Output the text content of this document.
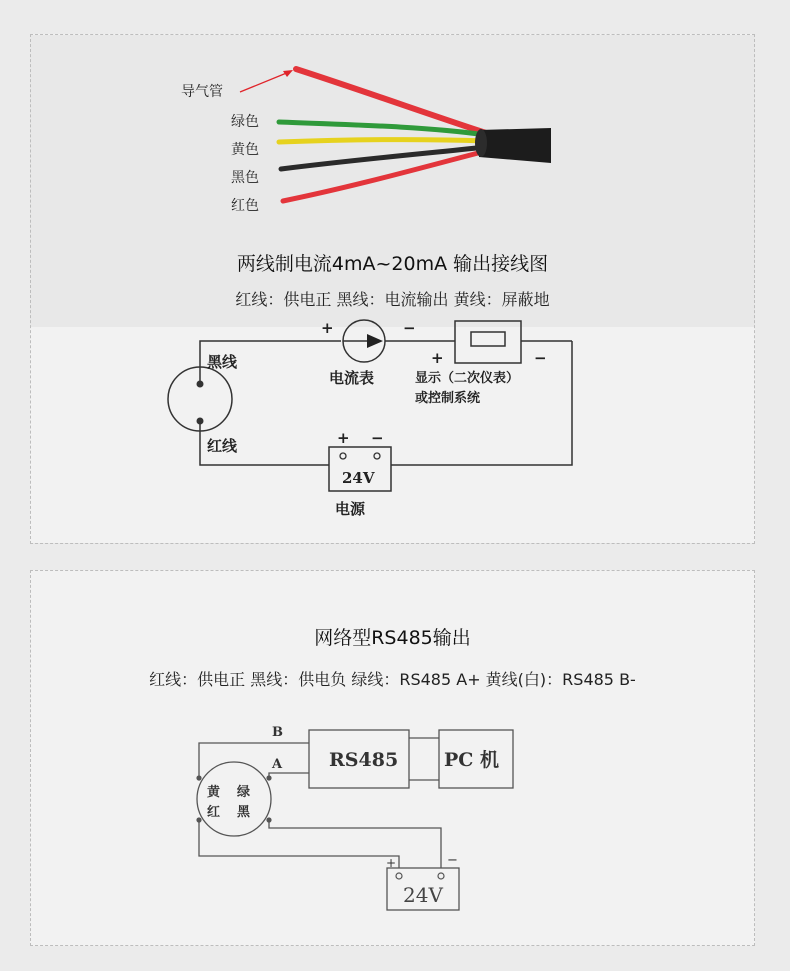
导气管
绿色
黄色
黑色
红色
两线制电流4mA~20mA 输出接线图
红线：供电正 黑线：电流输出 黄线：屏蔽地
+	−
黑线
红线
电流表
+	−
显示（二次仪表）
或控制系统
+ −
24V
电源
网络型RS485输出
红线：供电正 黑线：供电负 绿线：RS485 A+ 黄线(白)：RS485 B-
B
A RS485 PC 机
黄 绿
红 黑
+	−
24V
